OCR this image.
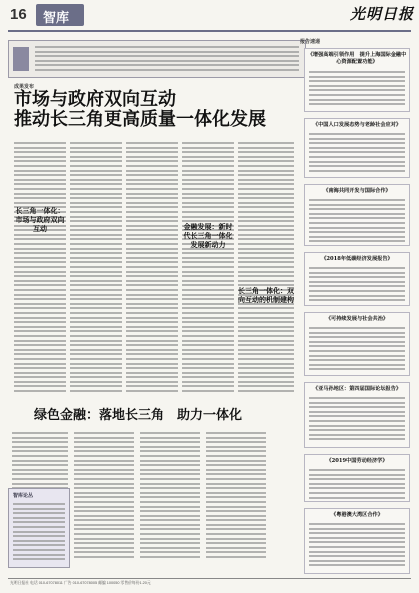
16 智库	光明日报
成果发布
市场与政府双向互动
推动长三角更高质量一体化发展
长三角一体化：市场与政府双向互动	金融发展：新时代长三角一体化发展新动力
长三角一体化：双向互动的机制建构
绿色金融：落地长三角　助力一体化
智库论丛
报告速递
《增强高端引领作用　提升上海国际金融中心资源配置功能》
《中国人口发展态势与老龄社会应对》
《南海共同开发与国际合作》
《2018年低碳经济发展报告》
《可持续发展与社会共治》
《亚马孙地区：第四届国际论坛报告》
《2019中国劳动经济学》
《粤港澳大湾区合作》
光明日报社 电话 010-67078011 广告 010-67078005 邮编 100050 零售价每份1.20元
